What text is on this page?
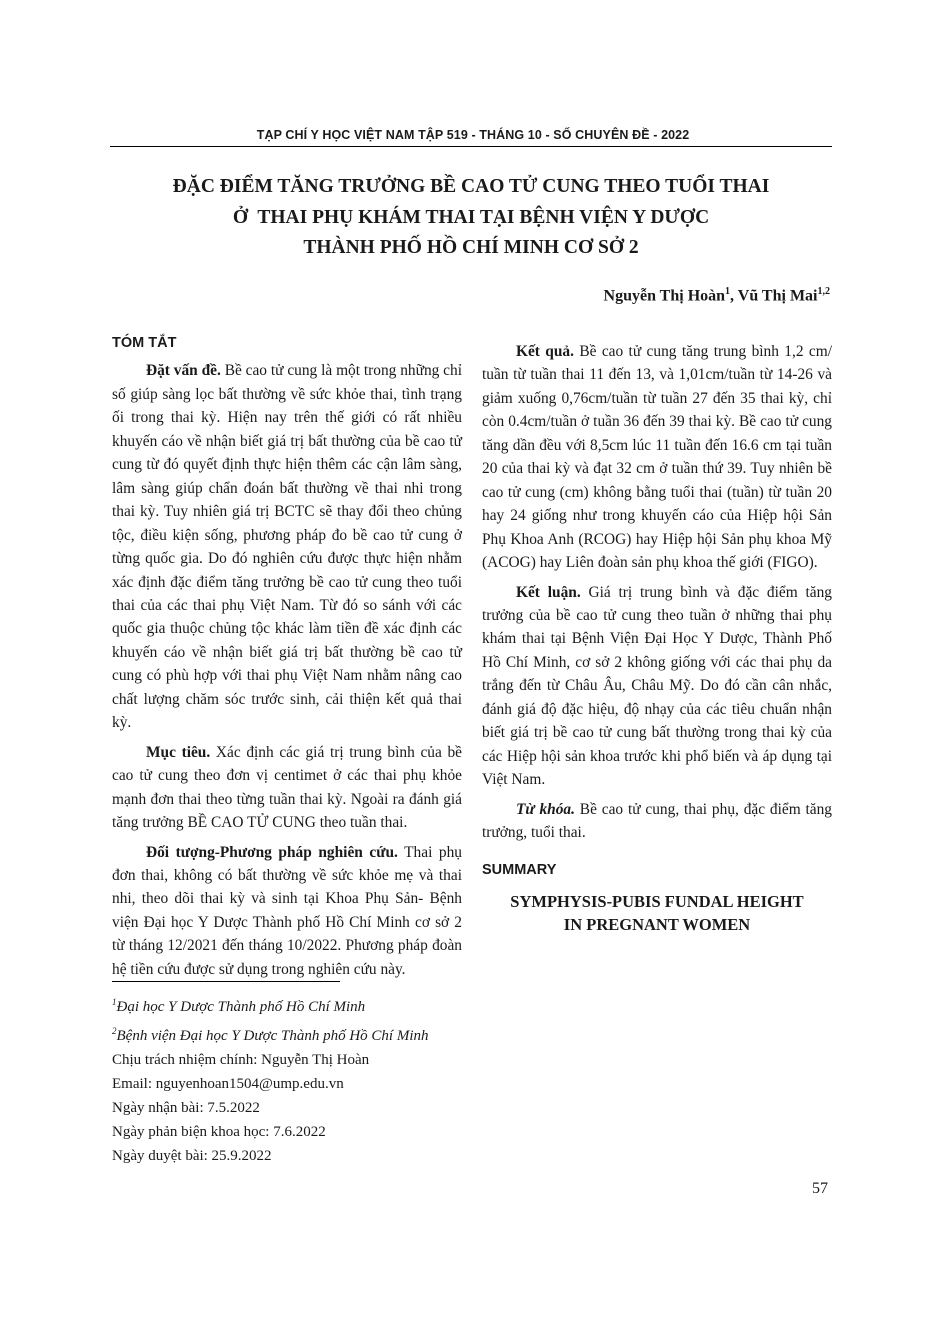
TẠP CHÍ Y HỌC VIỆT NAM TẬP 519 - THÁNG 10 - SỐ CHUYÊN ĐỀ - 2022
ĐẶC ĐIỂM TĂNG TRƯỞNG BỀ CAO TỬ CUNG THEO TUỔI THAI
Ở  THAI PHỤ KHÁM THAI TẠI BỆNH VIỆN Y DƯỢC
THÀNH PHỐ HỒ CHÍ MINH CƠ SỞ 2
Nguyễn Thị Hoàn$^1$, Vũ Thị Mai$^{1,2}$
TÓM TẮT

Đặt vấn đề. Bề cao tử cung là một trong những chỉ số giúp sàng lọc bất thường về sức khỏe thai, tình trạng ối trong thai kỳ. Hiện nay trên thế giới có rất nhiều khuyến cáo về nhận biết giá trị bất thường của bề cao tử cung từ đó quyết định thực hiện thêm các cận lâm sàng, lâm sàng giúp chẩn đoán bất thường về thai nhi trong thai kỳ. Tuy nhiên giá trị BCTC sẽ thay đổi theo chủng tộc, điều kiện sống, phương pháp đo bề cao tử cung ở từng quốc gia. Do đó nghiên cứu được thực hiện nhằm xác định đặc điểm tăng trưởng bề cao tử cung theo tuổi thai của các thai phụ Việt Nam. Từ đó so sánh với các quốc gia thuộc chủng tộc khác làm tiền đề xác định các khuyến cáo về nhận biết giá trị bất thường bề cao tử cung có phù hợp với thai phụ Việt Nam nhằm nâng cao chất lượng chăm sóc trước sinh, cải thiện kết quả thai kỳ.

Mục tiêu. Xác định các giá trị trung bình của bề cao tử cung theo đơn vị centimet ở các thai phụ khỏe mạnh đơn thai theo từng tuần thai kỳ. Ngoài ra đánh giá tăng trưởng BỀ CAO TỬ CUNG theo tuần thai.

Đối tượng-Phương pháp nghiên cứu. Thai phụ đơn thai, không có bất thường về sức khỏe mẹ và thai nhi, theo dõi thai kỳ và sinh tại Khoa Phụ Sản- Bệnh viện Đại học Y Dược Thành phố Hồ Chí Minh cơ sở 2 từ tháng 12/2021 đến tháng 10/2022. Phương pháp đoàn hệ tiền cứu được sử dụng trong nghiên cứu này.

Kết quả. Bề cao tử cung tăng trung bình 1,2 cm/ tuần từ tuần thai 11 đến 13, và 1,01cm/tuần từ 14-26 và giảm xuống 0,76cm/tuần từ tuần 27 đến 35 thai kỳ, chỉ còn 0.4cm/tuần ở tuần 36 đến 39 thai kỳ. Bề cao tử cung tăng dần đều với 8,5cm lúc 11 tuần đến 16.6 cm tại tuần 20 của thai kỳ và đạt 32 cm ở tuần thứ 39. Tuy nhiên bề cao tử cung (cm) không bằng tuổi thai (tuần) từ tuần 20 hay 24 giống như trong khuyến cáo của Hiệp hội Sản Phụ Khoa Anh (RCOG) hay Hiệp hội Sản phụ khoa Mỹ (ACOG) hay Liên đoàn sản phụ khoa thế giới (FIGO).

Kết luận. Giá trị trung bình và đặc điểm tăng trưởng của bề cao tử cung theo tuần ở những thai phụ khám thai tại Bệnh Viện Đại Học Y Dược, Thành Phố Hồ Chí Minh, cơ sở 2 không giống với các thai phụ da trắng đến từ Châu Âu, Châu Mỹ. Do đó cần cân nhắc, đánh giá độ đặc hiệu, độ nhạy của các tiêu chuẩn nhận biết giá trị bề cao tử cung bất thường trong thai kỳ của các Hiệp hội sản khoa trước khi phổ biến và áp dụng tại Việt Nam.

Từ khóa. Bề cao tử cung, thai phụ, đặc điểm tăng trưởng, tuổi thai.

SUMMARY
SYMPHYSIS-PUBIS FUNDAL HEIGHT
IN PREGNANT WOMEN
$^1$Đại học Y Dược Thành phố Hồ Chí Minh
$^2$Bệnh viện Đại học Y Dược Thành phố Hồ Chí Minh
Chịu trách nhiệm chính: Nguyễn Thị Hoàn
Email: nguyenhoan1504@ump.edu.vn
Ngày nhận bài: 7.5.2022
Ngày phản biện khoa học: 7.6.2022
Ngày duyệt bài: 25.9.2022
57
